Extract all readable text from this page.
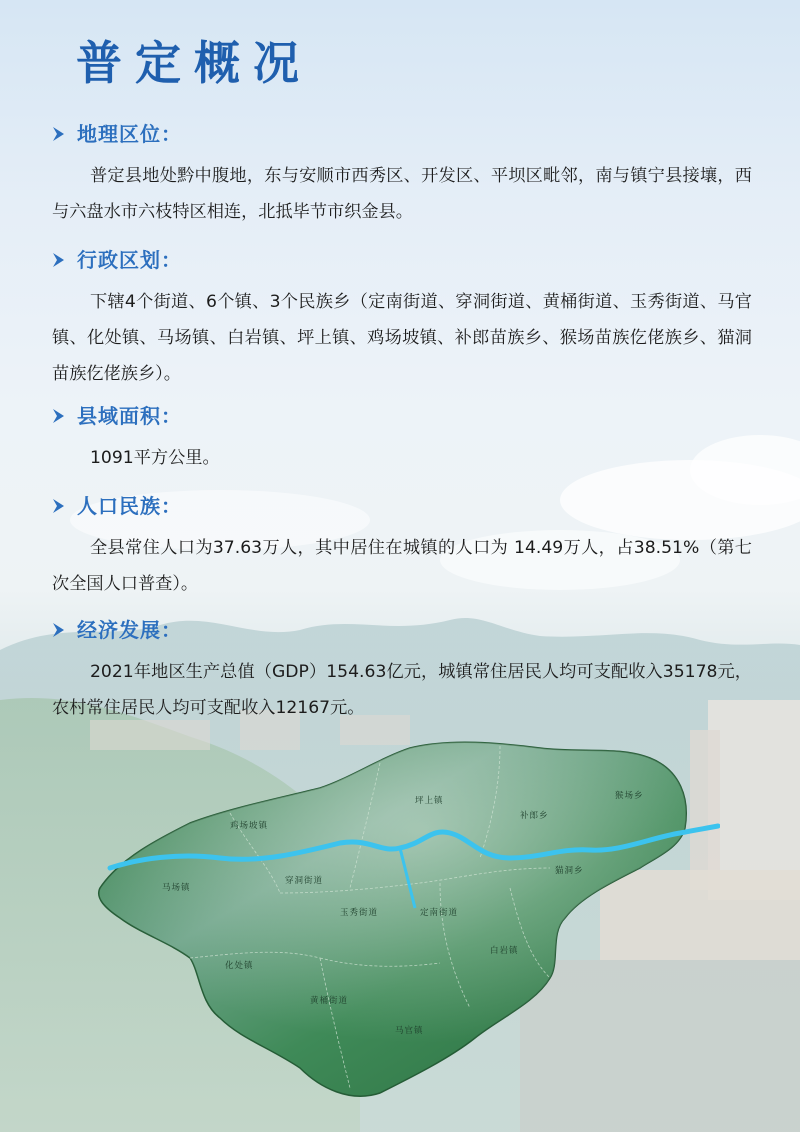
鸡场坡镇
坪上镇
补郎乡
猴场乡
马场镇
穿洞街道
猫洞乡
玉秀街道	定南街道
化处镇
白岩镇
黄桶街道
马官镇
普定概况
地理区位：

普定县地处黔中腹地，东与安顺市西秀区、开发区、平坝区毗邻，南与镇宁县接壤，西与六盘水市六枝特区相连，北抵毕节市织金县。

行政区划：

下辖4个街道、6个镇、3个民族乡（定南街道、穿洞街道、黄桶街道、玉秀街道、马官镇、化处镇、马场镇、白岩镇、坪上镇、鸡场坡镇、补郎苗族乡、猴场苗族仡佬族乡、猫洞苗族仡佬族乡）。

县域面积：

1091平方公里。

人口民族：

全县常住人口为37.63万人，其中居住在城镇的人口为 14.49万人，占38.51%（第七次全国人口普查）。

经济发展：

2021年地区生产总值（GDP）154.63亿元，城镇常住居民人均可支配收入35178元，农村常住居民人均可支配收入12167元。
